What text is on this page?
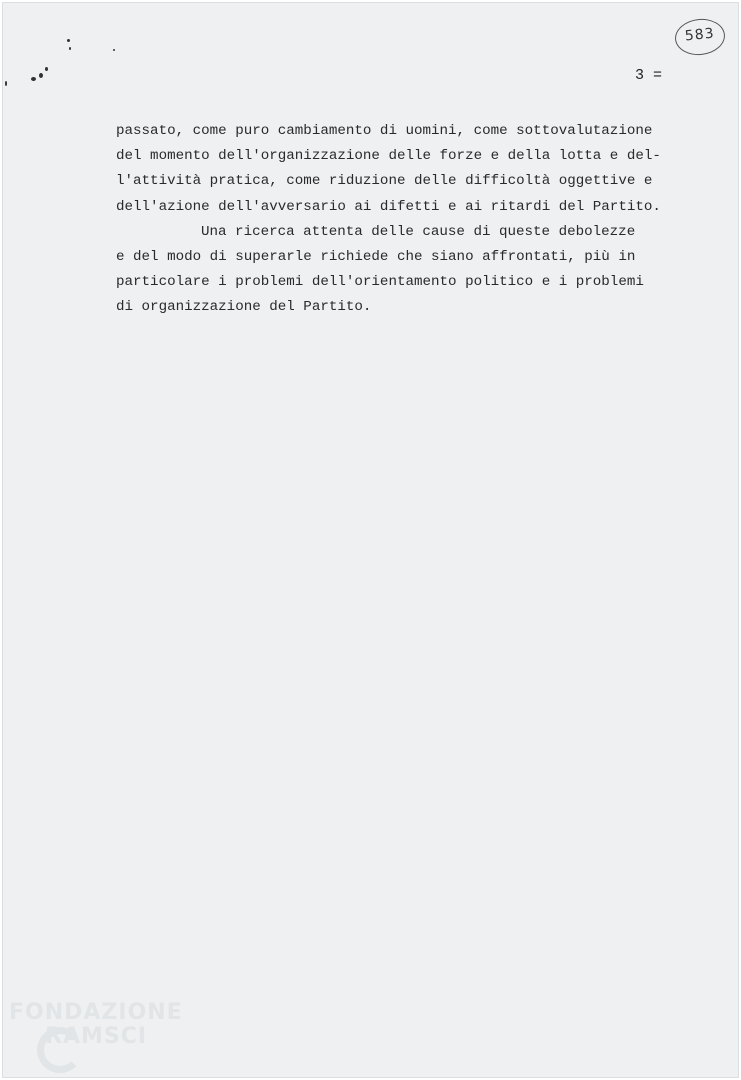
583
3 =
passato, come puro cambiamento di uomini, come sottovalutazione
del momento dell'organizzazione delle forze e della lotta e del-
l'attività pratica, come riduzione delle difficoltà oggettive e
dell'azione dell'avversario ai difetti e ai ritardi del Partito.
Una ricerca attenta delle cause di queste debolezze
e del modo di superarle richiede che siano affrontati, più in
particolare i problemi dell'orientamento politico e i problemi
di organizzazione del Partito.
FONDAZIONE
RAMSCI
